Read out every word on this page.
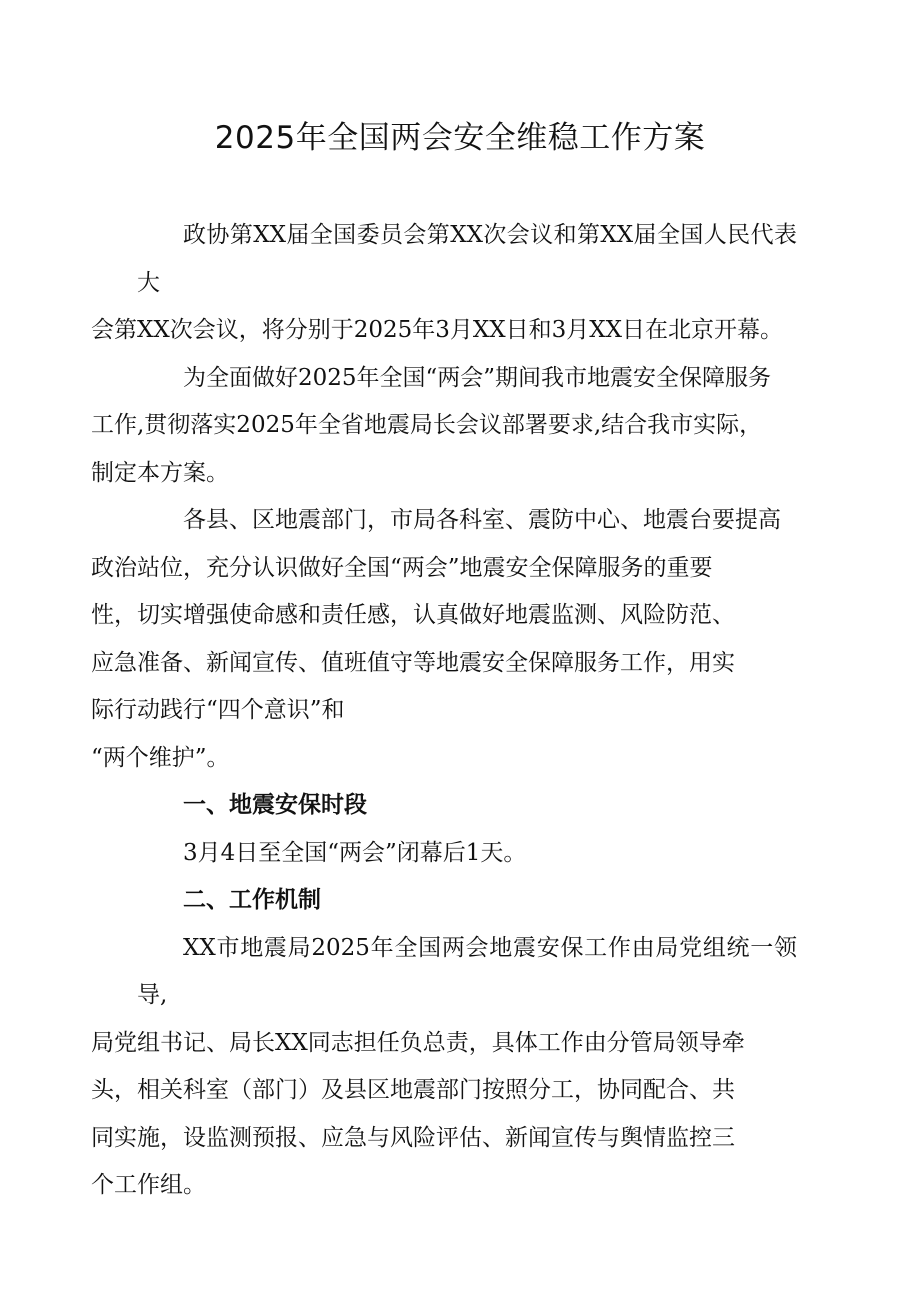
2025年全国两会安全维稳工作方案

政协第XX届全国委员会第XX次会议和第XX届全国人民代表大
会第XX次会议，将分别于2025年3月XX日和3月XX日在北京开幕。

为全面做好2025年全国“两会”期间我市地震安全保障服务
工作,贯彻落实2025年全省地震局长会议部署要求,结合我市实际，
制定本方案。

各县、区地震部门，市局各科室、震防中心、地震台要提高
政治站位，充分认识做好全国“两会”地震安全保障服务的重要
性，切实增强使命感和责任感，认真做好地震监测、风险防范、
应急准备、新闻宣传、值班值守等地震安全保障服务工作，用实
际行动践行“四个意识”和
“两个维护”。

一、地震安保时段

3月4日至全国“两会”闭幕后1天。

二、工作机制

XX市地震局2025年全国两会地震安保工作由局党组统一领导,
局党组书记、局长XX同志担任负总责，具体工作由分管局领导牵
头，相关科室（部门）及县区地震部门按照分工，协同配合、共
同实施，设监测预报、应急与风险评估、新闻宣传与舆情监控三
个工作组。
